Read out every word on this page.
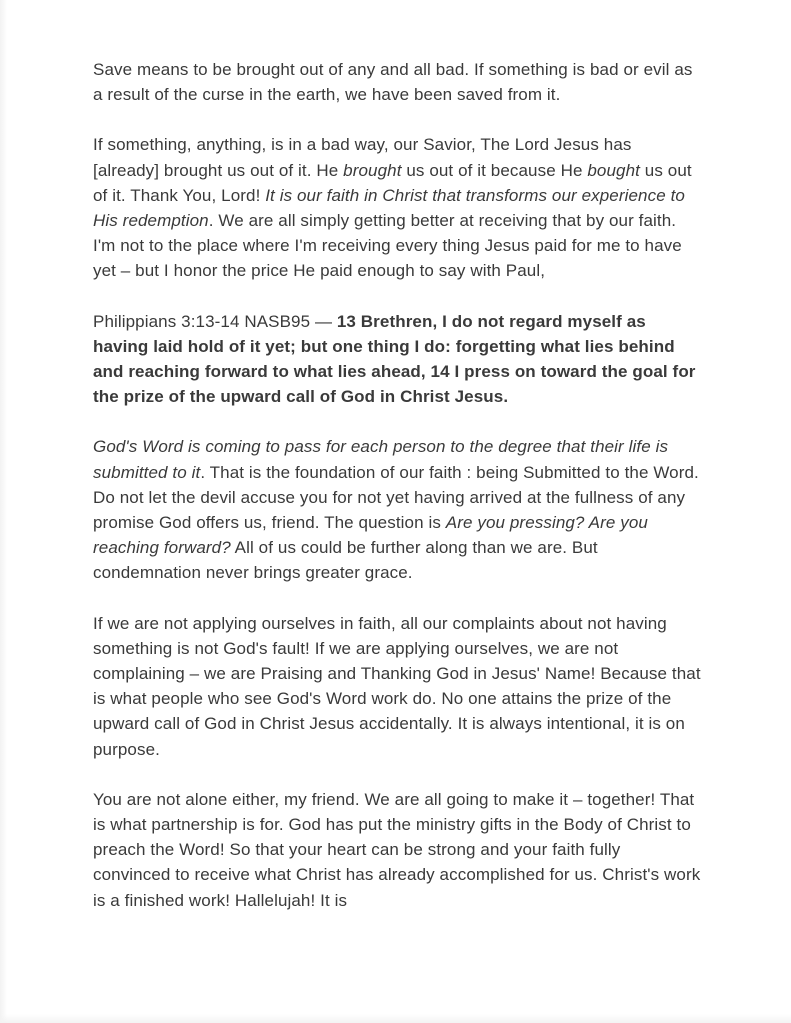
Save means to be brought out of any and all bad. If something is bad or evil as a result of the curse in the earth, we have been saved from it.

If something, anything, is in a bad way, our Savior, The Lord Jesus has [already] brought us out of it. He brought us out of it because He bought us out of it. Thank You, Lord! It is our faith in Christ that transforms our experience to His redemption. We are all simply getting better at receiving that by our faith. I'm not to the place where I'm receiving every thing Jesus paid for me to have yet – but I honor the price He paid enough to say with Paul,

Philippians 3:13-14 NASB95 — 13 Brethren, I do not regard myself as having laid hold of it yet; but one thing I do: forgetting what lies behind and reaching forward to what lies ahead, 14 I press on toward the goal for the prize of the upward call of God in Christ Jesus.

God's Word is coming to pass for each person to the degree that their life is submitted to it. That is the foundation of our faith : being Submitted to the Word. Do not let the devil accuse you for not yet having arrived at the fullness of any promise God offers us, friend. The question is Are you pressing? Are you reaching forward? All of us could be further along than we are. But condemnation never brings greater grace.

If we are not applying ourselves in faith, all our complaints about not having something is not God's fault! If we are applying ourselves, we are not complaining – we are Praising and Thanking God in Jesus' Name! Because that is what people who see God's Word work do. No one attains the prize of the upward call of God in Christ Jesus accidentally. It is always intentional, it is on purpose.

You are not alone either, my friend. We are all going to make it – together! That is what partnership is for. God has put the ministry gifts in the Body of Christ to preach the Word! So that your heart can be strong and your faith fully convinced to receive what Christ has already accomplished for us. Christ's work is a finished work! Hallelujah! It is
